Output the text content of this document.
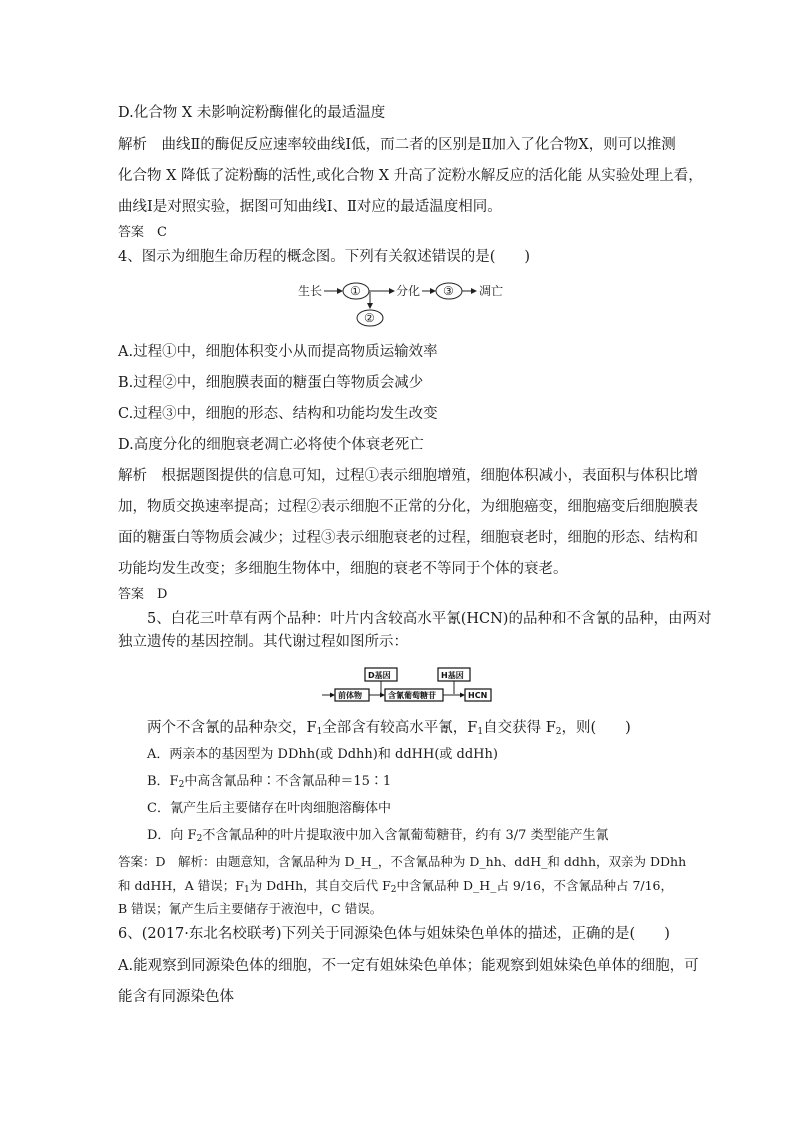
D.化合物 X 未影响淀粉酶催化的最适温度
解析　曲线Ⅱ的酶促反应速率较曲线Ⅰ低，而二者的区别是Ⅱ加入了化合物X，则可以推测
化合物 X 降低了淀粉酶的活性,或化合物 X 升高了淀粉水解反应的活化能 从实验处理上看，
曲线Ⅰ是对照实验，据图可知曲线Ⅰ、Ⅱ对应的最适温度相同。
答案　C
4、图示为细胞生命历程的概念图。下列有关叙述错误的是(　　)
生长 ①	分化 ③ 凋亡
②
A.过程①中，细胞体积变小从而提高物质运输效率
B.过程②中，细胞膜表面的糖蛋白等物质会减少
C.过程③中，细胞的形态、结构和功能均发生改变
D.高度分化的细胞衰老凋亡必将使个体衰老死亡
解析　根据题图提供的信息可知，过程①表示细胞增殖，细胞体积减小，表面积与体积比增
加，物质交换速率提高；过程②表示细胞不正常的分化，为细胞癌变，细胞癌变后细胞膜表
面的糖蛋白等物质会减少；过程③表示细胞衰老的过程，细胞衰老时，细胞的形态、结构和
功能均发生改变；多细胞生物体中，细胞的衰老不等同于个体的衰老。
答案　D
5、白花三叶草有两个品种：叶片内含较高水平氰(HCN)的品种和不含氰的品种，由两对
独立遗传的基因控制。其代谢过程如图所示：
D基因	H基因
前体物	含氰葡萄糖苷	HCN
两个不含氰的品种杂交，$F_1$全部含有较高水平氰，$F_1$自交获得 $F_2$，则(　　)
A．两亲本的基因型为 DDhh(或 Ddhh)和 ddHH(或 ddHh)
B．$F_2$中高含氰品种∶不含氰品种＝15∶1
C．氰产生后主要储存在叶肉细胞溶酶体中
D．向 $F_2$不含氰品种的叶片提取液中加入含氰葡萄糖苷，约有 3/7 类型能产生氰
答案：D　解析：由题意知，含氰品种为 D_H_，不含氰品种为 D_hh、ddH_和 ddhh，双亲为 DDhh
和 ddHH，A 错误；$F_1$为 DdHh，其自交后代 $F_2$中含氰品种 D_H_占 9/16，不含氰品种占 7/16，
B 错误；氰产生后主要储存于液泡中，C 错误。
6、(2017·东北名校联考)下列关于同源染色体与姐妹染色单体的描述，正确的是(　　)
A.能观察到同源染色体的细胞，不一定有姐妹染色单体；能观察到姐妹染色单体的细胞，可
能含有同源染色体
